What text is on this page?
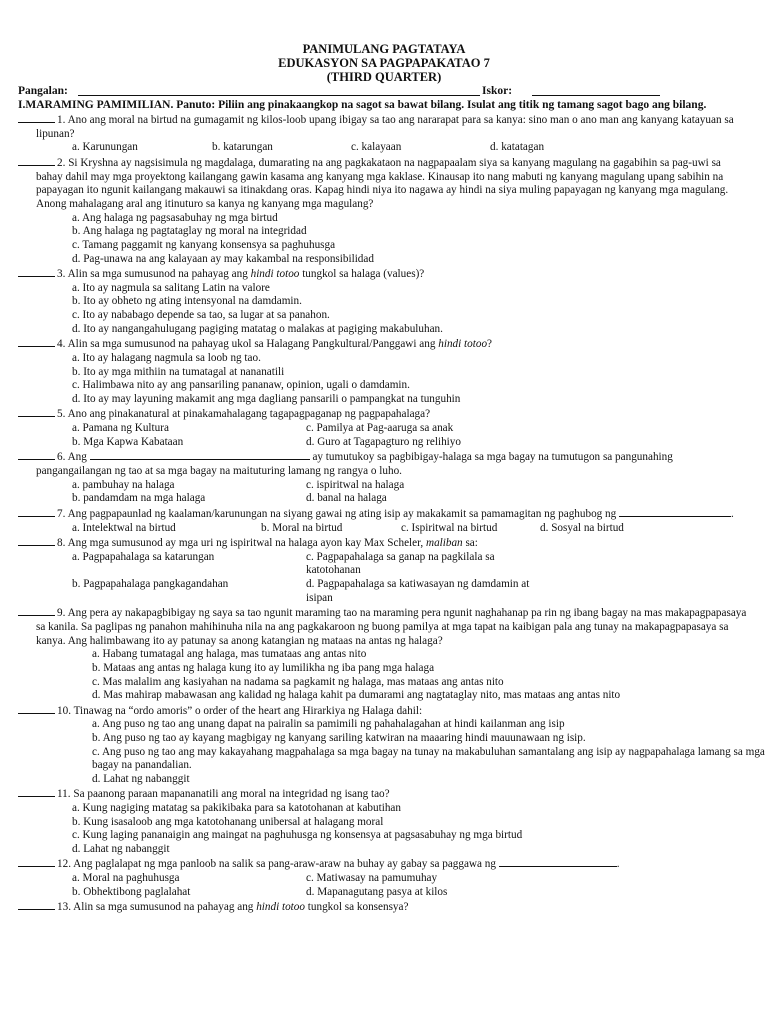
PANIMULANG PAGTATAYA
EDUKASYON SA PAGPAPAKATAO 7
(THIRD QUARTER)
Pangalan:	Iskor:
I.MARAMING PAMIMILIAN. Panuto: Piliin ang pinakaangkop na sagot sa bawat bilang. Isulat ang titik ng tamang sagot bago ang bilang.
1. Ano ang moral na birtud na gumagamit ng kilos-loob upang ibigay sa tao ang nararapat para sa kanya: sino man o ano man ang kanyang katayuan sa lipunan?
a. Karunungan	b. katarungan	c. kalayaan	d. katatagan
2. Si Kryshna ay nagsisimula ng magdalaga, dumarating na ang pagkakataon na nagpapaalam siya sa kanyang magulang na gagabihin sa pag-uwi sa bahay dahil may mga proyektong kailangang gawin kasama ang kanyang mga kaklase. Kinausap ito nang mabuti ng kanyang magulang upang sabihin na papayagan ito ngunit kailangang makauwi sa itinakdang oras. Kapag hindi niya ito nagawa ay hindi na siya muling papayagan ng kanyang mga magulang. Anong mahalagang aral ang itinuturo sa kanya ng kanyang mga magulang?
a. Ang halaga ng pagsasabuhay ng mga birtud
b. Ang halaga ng pagtataglay ng moral na integridad
c. Tamang paggamit ng kanyang konsensya sa paghuhusga
d. Pag-unawa na ang kalayaan ay may kakambal na responsibilidad
3. Alin sa mga sumusunod na pahayag ang hindi totoo tungkol sa halaga (values)?
a. Ito ay nagmula sa salitang Latin na valore
b. Ito ay obheto ng ating intensyonal na damdamin.
c. Ito ay nababago depende sa tao, sa lugar at sa panahon.
d. Ito ay nangangahulugang pagiging matatag o malakas at pagiging makabuluhan.
4. Alin sa mga sumusunod na pahayag ukol sa Halagang Pangkultural/Panggawi ang hindi totoo?
a. Ito ay halagang nagmula sa loob ng tao.
b. Ito ay mga mithiin na tumatagal at nananatili
c. Halimbawa nito ay ang pansariling pananaw, opinion, ugali o damdamin.
d. Ito ay may layuning makamit ang mga dagliang pansarili o pampangkat na tunguhin
5. Ano ang pinakanatural at pinakamahalagang tagapagpaganap ng pagpapahalaga?
a. Pamana ng Kultura	c. Pamilya at Pag-aaruga sa anak
b. Mga Kapwa Kabataan	d. Guro at Tagapagturo ng relihiyo
6. Ang	ay tumutukoy sa pagbibigay-halaga sa mga bagay na tumutugon sa pangunahing pangangailangan ng tao at sa mga bagay na maituturing lamang ng rangya o luho.
a. pambuhay na halaga	c. ispiritwal na halaga
b. pandamdam na mga halaga	d. banal na halaga
7. Ang pagpapaunlad ng kaalaman/karunungan na siyang gawai ng ating isip ay makakamit sa pamamagitan ng paghubog ng	.
a. Intelektwal na birtud	b. Moral na birtud	c. Ispiritwal na birtud	d. Sosyal na birtud
8. Ang mga sumusunod ay mga uri ng ispiritwal na halaga ayon kay Max Scheler, maliban sa:
a. Pagpapahalaga sa katarungan	c. Pagpapahalaga sa ganap na pagkilala sa katotohanan
b. Pagpapahalaga pangkagandahan	d. Pagpapahalaga sa katiwasayan ng damdamin at isipan
9. Ang pera ay nakapagbibigay ng saya sa tao ngunit maraming tao na maraming pera ngunit naghahanap pa rin ng ibang bagay na mas makapagpapasaya sa kanila. Sa paglipas ng panahon mahihinuha nila na ang pagkakaroon ng buong pamilya at mga tapat na kaibigan pala ang tunay na makapagpapasaya sa kanya. Ang halimbawang ito ay patunay sa anong katangian ng mataas na antas ng halaga?
a. Habang tumatagal ang halaga, mas tumataas ang antas nito
b. Mataas ang antas ng halaga kung ito ay lumilikha ng iba pang mga halaga
c. Mas malalim ang kasiyahan na nadama sa pagkamit ng halaga, mas mataas ang antas nito
d. Mas mahirap mabawasan ang kalidad ng halaga kahit pa dumarami ang nagtataglay nito, mas mataas ang antas nito
10. Tinawag na “ordo amoris” o order of the heart ang Hirarkiya ng Halaga dahil:
a. Ang puso ng tao ang unang dapat na pairalin sa pamimili ng pahahalagahan at hindi kailanman ang isip
b. Ang puso ng tao ay kayang magbigay ng kanyang sariling katwiran na maaaring hindi mauunawaan ng isip.
c. Ang puso ng tao ang may kakayahang magpahalaga sa mga bagay na tunay na makabuluhan samantalang ang isip ay nagpapahalaga lamang sa mga bagay na panandalian.
d. Lahat ng nabanggit
11. Sa paanong paraan mapananatili ang moral na integridad ng isang tao?
a. Kung nagiging matatag sa pakikibaka para sa katotohanan at kabutihan
b. Kung isasaloob ang mga katotohanang unibersal at halagang moral
c. Kung laging pananaigin ang maingat na paghuhusga ng konsensya at pagsasabuhay ng mga birtud
d. Lahat ng nabanggit
12. Ang paglalapat ng mga panloob na salik sa pang-araw-araw na buhay ay gabay sa paggawa ng	.
a. Moral na paghuhusga	c. Matiwasay na pamumuhay
b. Obhektibong paglalahat	d. Mapanagutang pasya at kilos
13. Alin sa mga sumusunod na pahayag ang hindi totoo tungkol sa konsensya?
